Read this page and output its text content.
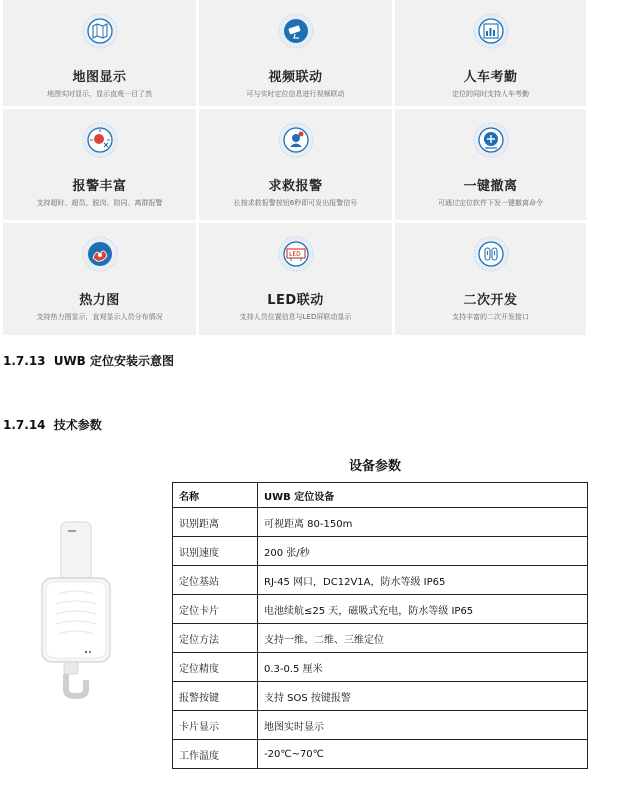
地图显示
地图实时显示，显示直观一目了然
视频联动
可与实时定位信息进行视频联动
人车考勤
定位的同时支持人车考勤
报警丰富
支持超时、超员、脱岗、陪同、离群报警
求救报警
长按求救报警按钮6秒即可发出报警信号
一键撤离
可通过定位软件下发一键撤离命令
热力图
支持热力图显示，直观显示人员分布情况
LED联动
支持人员位置信息与LED屏联动显示
二次开发
支持丰富的二次开发接口
1.7.13 UWB 定位安装示意图
1.7.14 技术参数
设备参数
名称	UWB 定位设备
识别距离	可视距离 80-150m
识别速度	200 张/秒
定位基站	RJ-45 网口，DC12V1A，防水等级 IP65
定位卡片	电池续航≤25 天，磁吸式充电，防水等级 IP65
定位方法	支持一维、二维、三维定位
定位精度	0.3-0.5 厘米
报警按键	支持 SOS 按键报警
卡片显示	地图实时显示
工作温度	-20℃~70℃
